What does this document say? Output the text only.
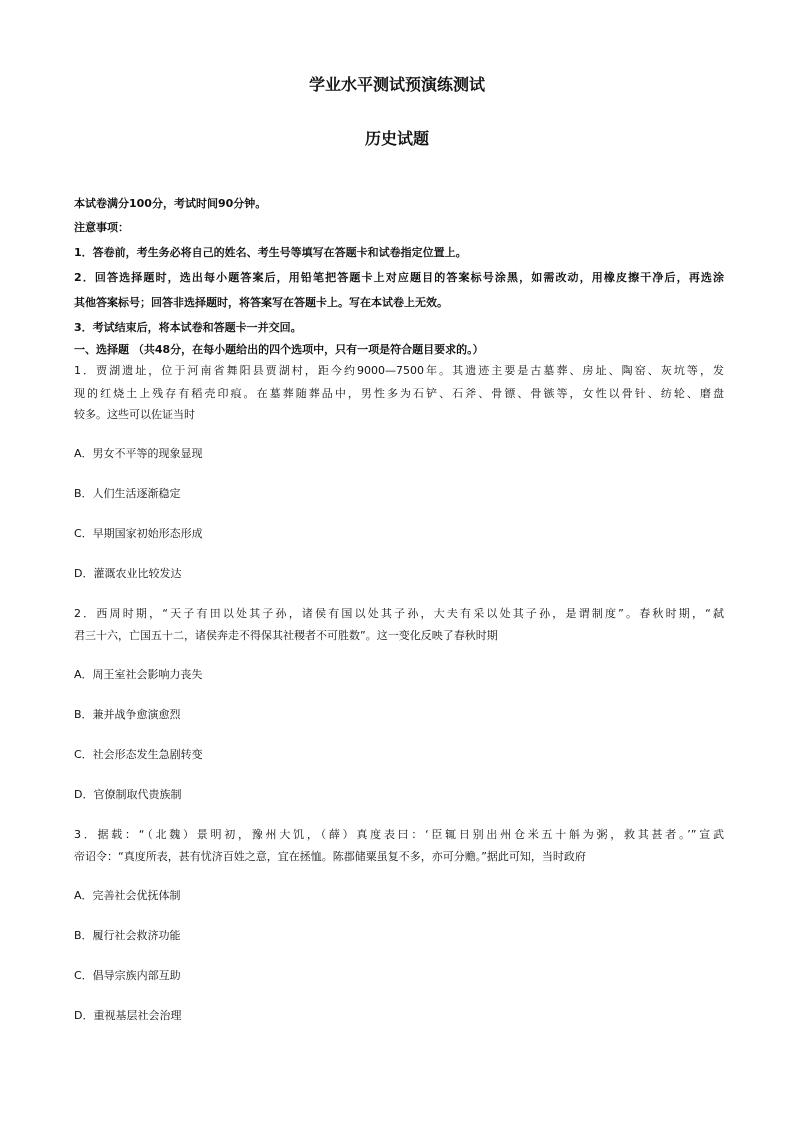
学业水平测试预演练测试
历史试题
本试卷满分100分，考试时间90分钟。
注意事项：
1．答卷前，考生务必将自己的姓名、考生号等填写在答题卡和试卷指定位置上。
2．回答选择题时，选出每小题答案后，用铅笔把答题卡上对应题目的答案标号涂黑，如需改动，用橡皮擦干净后，再选涂
其他答案标号；回答非选择题时，将答案写在答题卡上。写在本试卷上无效。
3．考试结束后，将本试卷和答题卡一并交回。
一、选择题 （共48分，在每小题给出的四个选项中，只有一项是符合题目要求的。）
1．贾湖遗址，位于河南省舞阳县贾湖村，距今约9000—7500年。其遗迹主要是古墓葬、房址、陶窑、灰坑等，发
现的红烧土上残存有稻壳印痕。在墓葬随葬品中，男性多为石铲、石斧、骨镖、骨镞等，女性以骨针、纺轮、磨盘
较多。这些可以佐证当时
A．男女不平等的现象显现
B．人们生活逐渐稳定
C．早期国家初始形态形成
D．灌溉农业比较发达
2．西周时期，“天子有田以处其子孙，诸侯有国以处其子孙，大夫有采以处其子孙，是谓制度”。春秋时期，“弑
君三十六，亡国五十二，诸侯奔走不得保其社稷者不可胜数”。这一变化反映了春秋时期
A．周王室社会影响力丧失
B．兼并战争愈演愈烈
C．社会形态发生急剧转变
D．官僚制取代贵族制
3．据载：“（北魏）景明初，豫州大饥，（薛）真度表曰：‘臣辄日别出州仓米五十斛为粥，救其甚者。’”宣武
帝诏令：“真度所表，甚有忧济百姓之意，宜在拯恤。陈郡储粟虽复不多，亦可分赡。”据此可知，当时政府
A．完善社会优抚体制
B．履行社会救济功能
C．倡导宗族内部互助
D．重视基层社会治理
